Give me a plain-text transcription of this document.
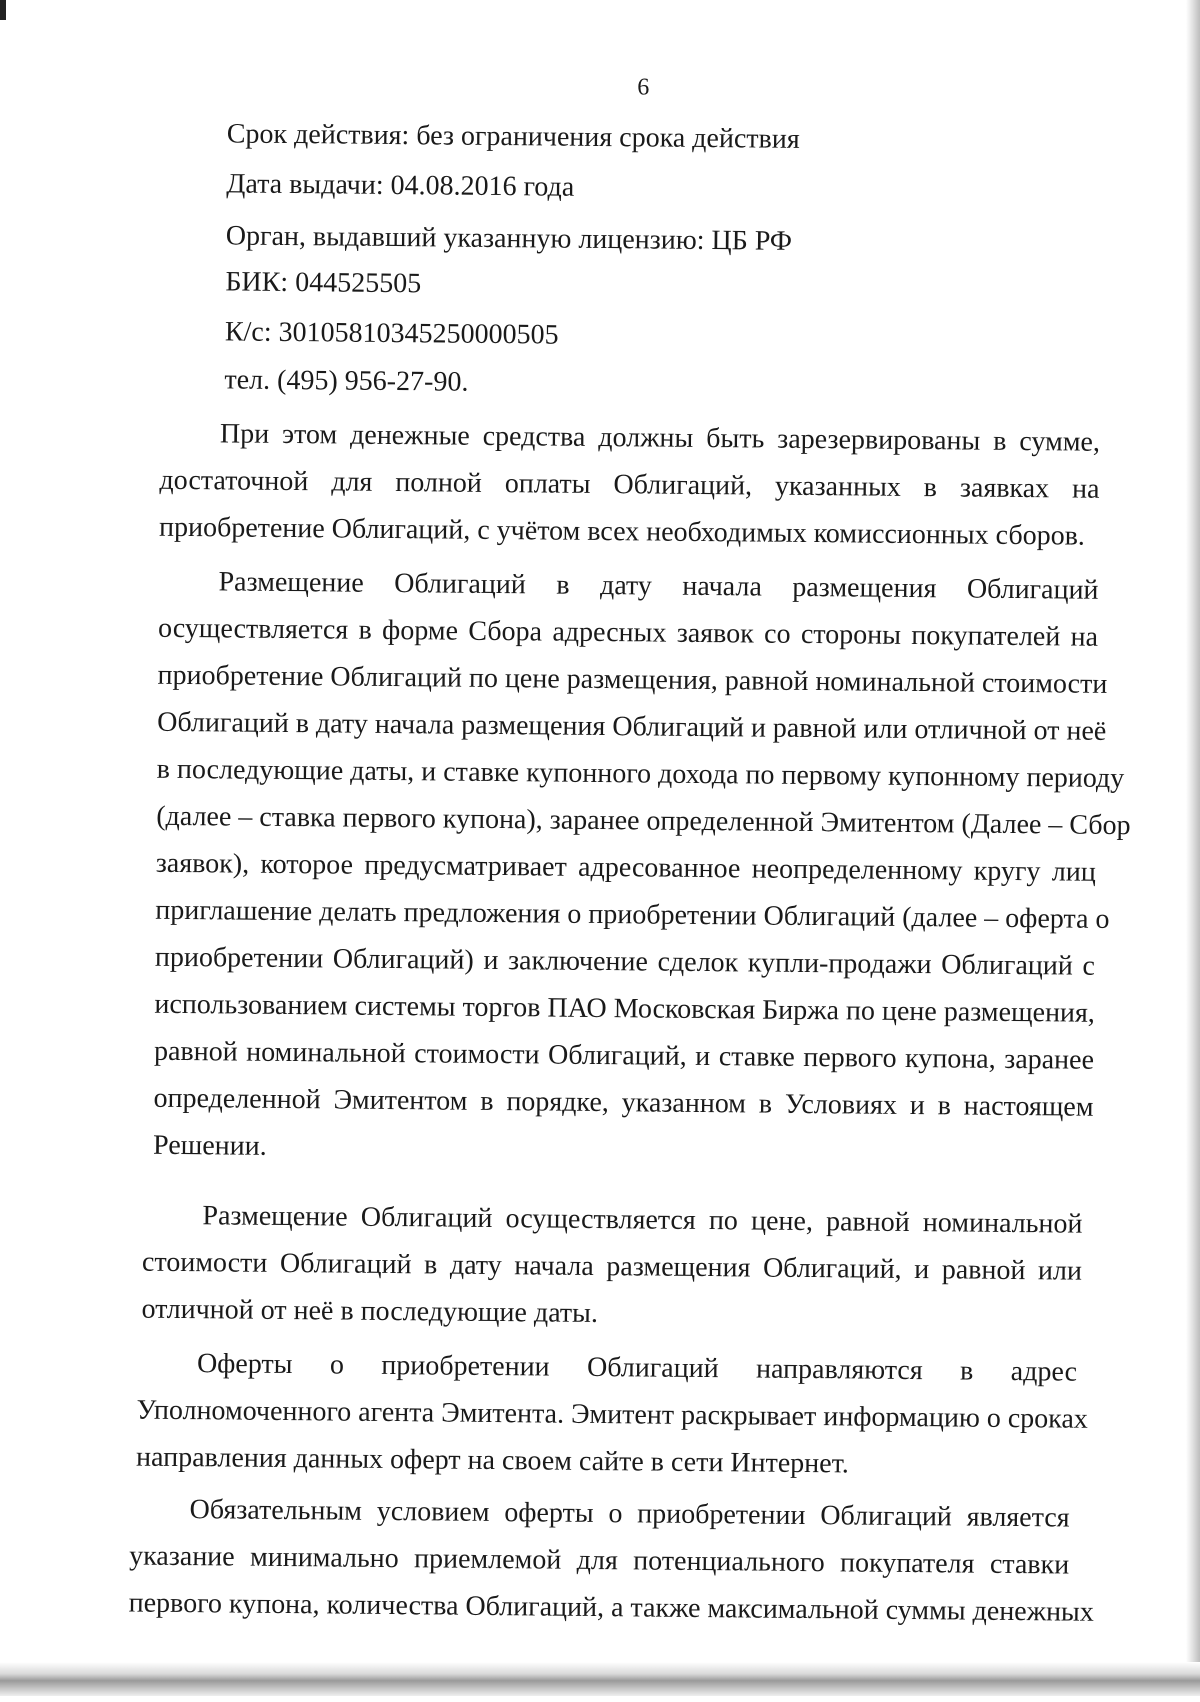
6

Срок действия: без ограничения срока действия

Дата выдачи: 04.08.2016 года

Орган, выдавший указанную лицензию: ЦБ РФ

БИК: 044525505

К/с: 30105810345250000505

тел. (495) 956-27-90.

При этом денежные средства должны быть зарезервированы в сумме,
достаточной для полной оплаты Облигаций, указанных в заявках на
приобретение Облигаций, с учётом всех необходимых комиссионных сборов.
Размещение Облигаций в дату начала размещения Облигаций
осуществляется в форме Сбора адресных заявок со стороны покупателей на
приобретение Облигаций по цене размещения, равной номинальной стоимости
Облигаций в дату начала размещения Облигаций и равной или отличной от неё
в последующие даты, и ставке купонного дохода по первому купонному периоду
(далее – ставка первого купона), заранее определенной Эмитентом (Далее – Сбор
заявок), которое предусматривает адресованное неопределенному кругу лиц
приглашение делать предложения о приобретении Облигаций (далее – оферта о
приобретении Облигаций) и заключение сделок купли-продажи Облигаций с
использованием системы торгов ПАО Московская Биржа по цене размещения,
равной номинальной стоимости Облигаций, и ставке первого купона, заранее
определенной Эмитентом в порядке, указанном в Условиях и в настоящем
Решении.
Размещение Облигаций осуществляется по цене, равной номинальной
стоимости Облигаций в дату начала размещения Облигаций, и равной или
отличной от неё в последующие даты.
Оферты о приобретении Облигаций направляются в адрес
Уполномоченного агента Эмитента. Эмитент раскрывает информацию о сроках
направления данных оферт на своем сайте в сети Интернет.
Обязательным условием оферты о приобретении Облигаций является
указание минимально приемлемой для потенциального покупателя ставки
первого купона, количества Облигаций, а также максимальной суммы денежных
